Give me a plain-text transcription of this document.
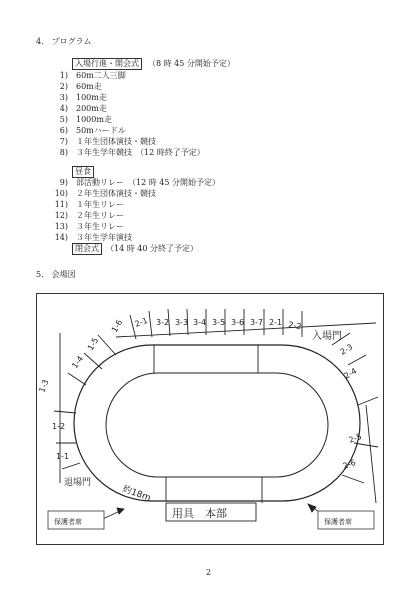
4.　プログラム
入場行進・開会式	（8 時 45 分開始予定）
1) 60m二人三脚
2) 60m走
3) 100m走
4) 200m走
5) 1000m走
6) 50mハードル
7) １年生団体演技・競技
8) ３年生学年競技　（12 時終了予定）
昼食
9) 部活動リレー　（12 時 45 分開始予定）
10) ２年生団体演技・競技
11) １年生リレー
12) ２年生リレー
13) ３年生リレー
14) ３年生学年演技
閉会式 （14 時 40 分終了予定）
5.　会場図
1-6 2-1 3-2 3-3 3-4 3-5 3-6 3-7 2-1 2-2
1-5
1-4
1-3
1-2
1-1
2-3
2-4
2-5
2-6
入場門
退場門
約18m
用具　本部
保護者席	保護者席
2
